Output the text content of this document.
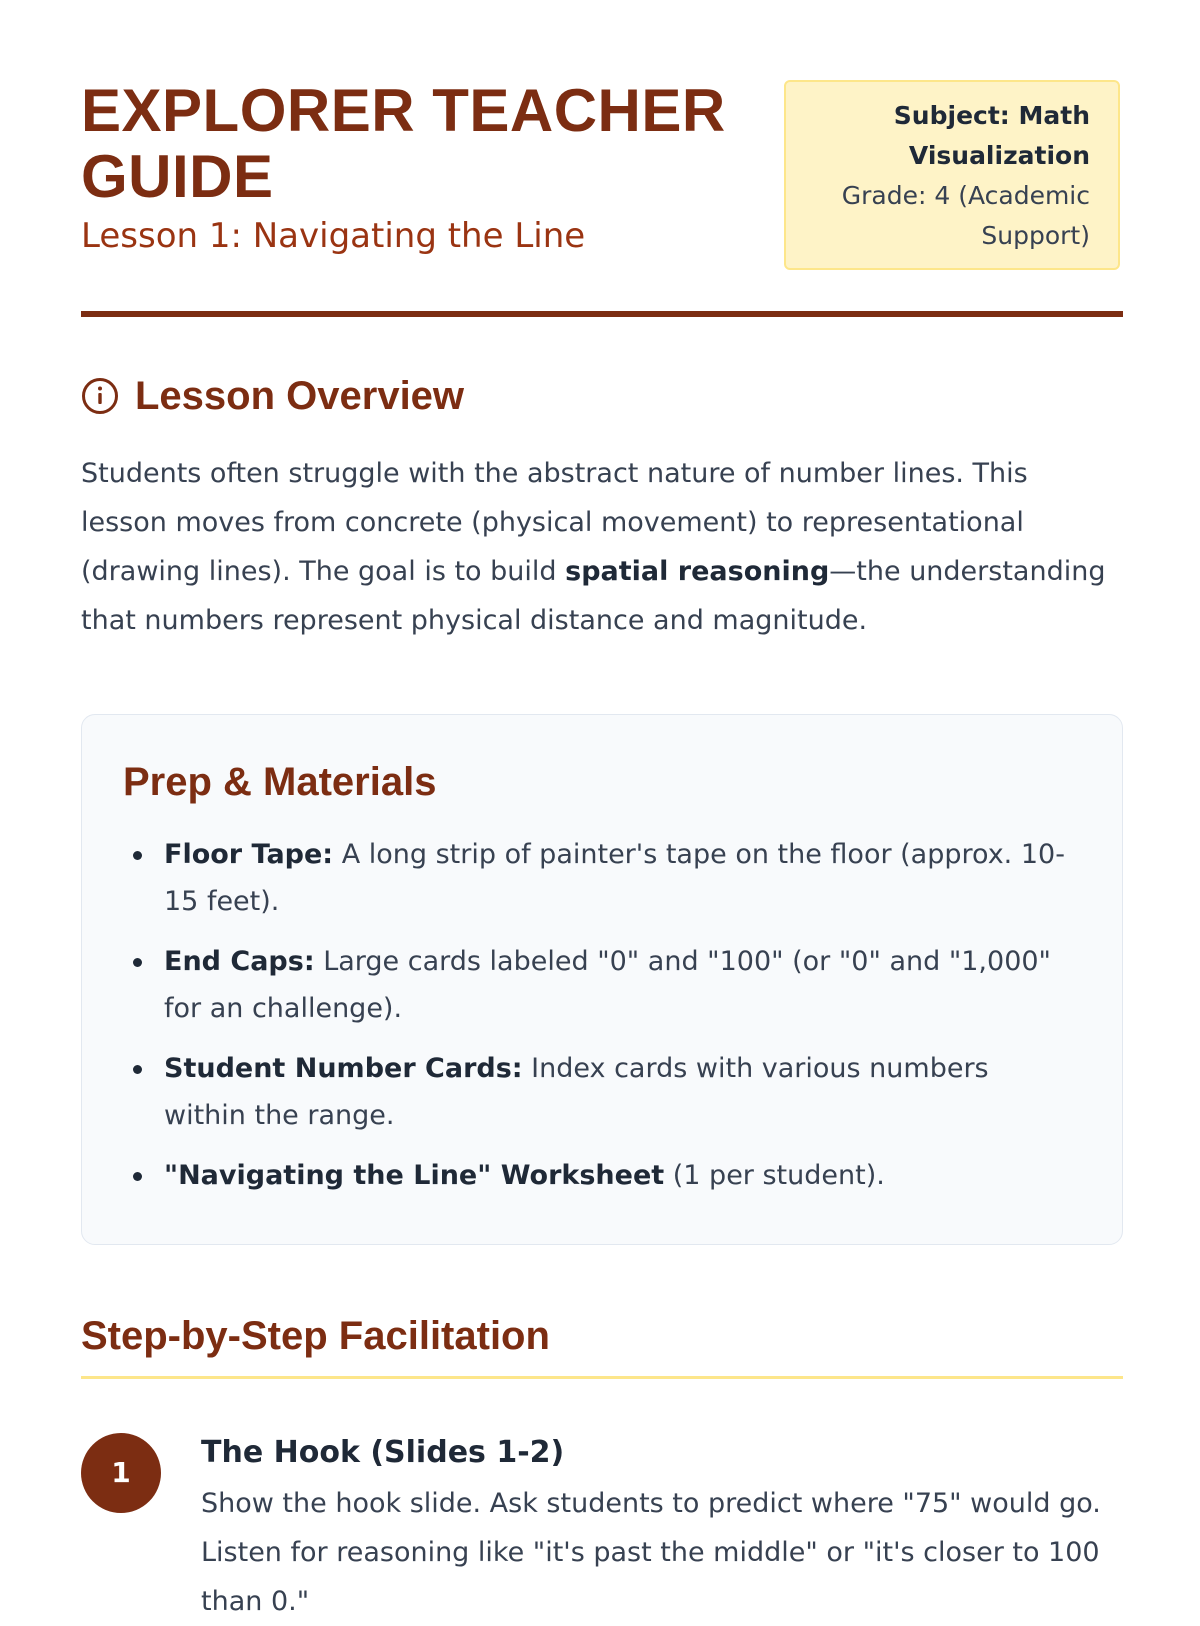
EXPLORER TEACHER GUIDE

Lesson 1: Navigating the Line

Subject: Math Visualization
Grade: 4 (Academic Support)
Lesson Overview

Students often struggle with the abstract nature of number lines. This lesson moves from concrete (physical movement) to representational (drawing lines). The goal is to build spatial reasoning—the understanding that numbers represent physical distance and magnitude.

Prep & Materials
Floor Tape: A long strip of painter's tape on the floor (approx. 10-15 feet).
End Caps: Large cards labeled "0" and "100" (or "0" and "1,000" for an challenge).
Student Number Cards: Index cards with various numbers within the range.
"Navigating the Line" Worksheet (1 per student).
Step-by-Step Facilitation
1
The Hook (Slides 1-2)

Show the hook slide. Ask students to predict where "75" would go. Listen for reasoning like "it's past the middle" or "it's closer to 100 than 0."
